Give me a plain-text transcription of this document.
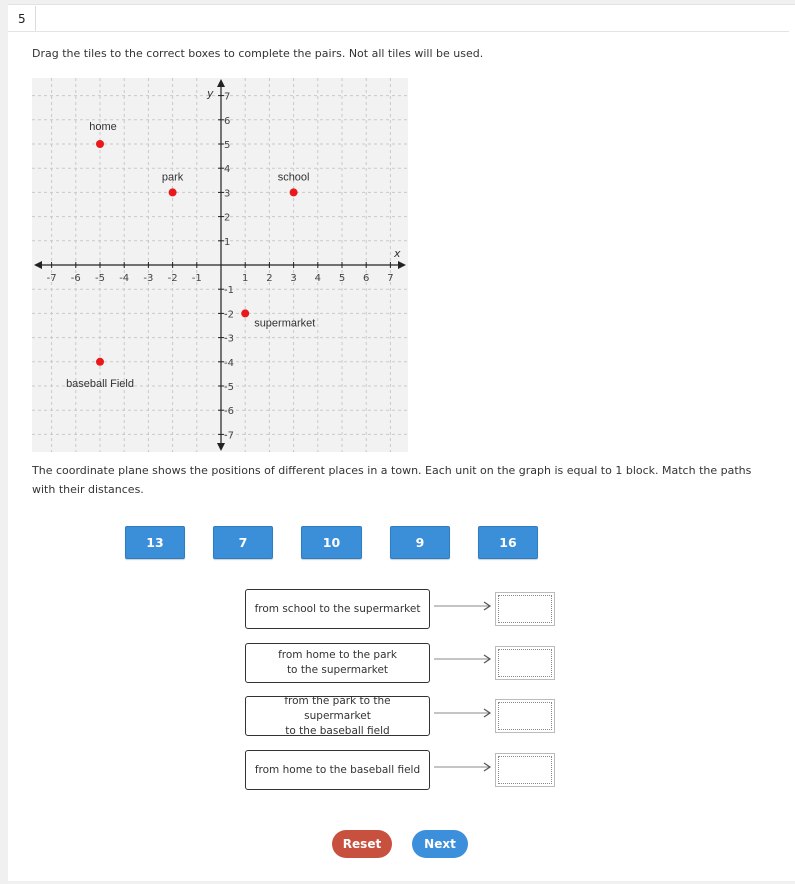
5
Drag the tiles to the correct boxes to complete the pairs. Not all tiles will be used.
x
y
-7
-7
-6
-6
-5
-5
-4
-4
-3
-3
-2
-2
-1
-1
1
1
2
2
3
3
4
4
5
5
6
6
7
7
home
park	school
supermarket
baseball Field
The coordinate plane shows the positions of different places in a town. Each unit on the graph is equal to 1 block. Match the paths with their distances.
13 blocks
7 blocks
10 blocks
9 blocks
16 blocks
from school to the supermarket
from home to the park
to the supermarket
from the park to the supermarket
to the baseball field
from home to the baseball field
Reset	Next
